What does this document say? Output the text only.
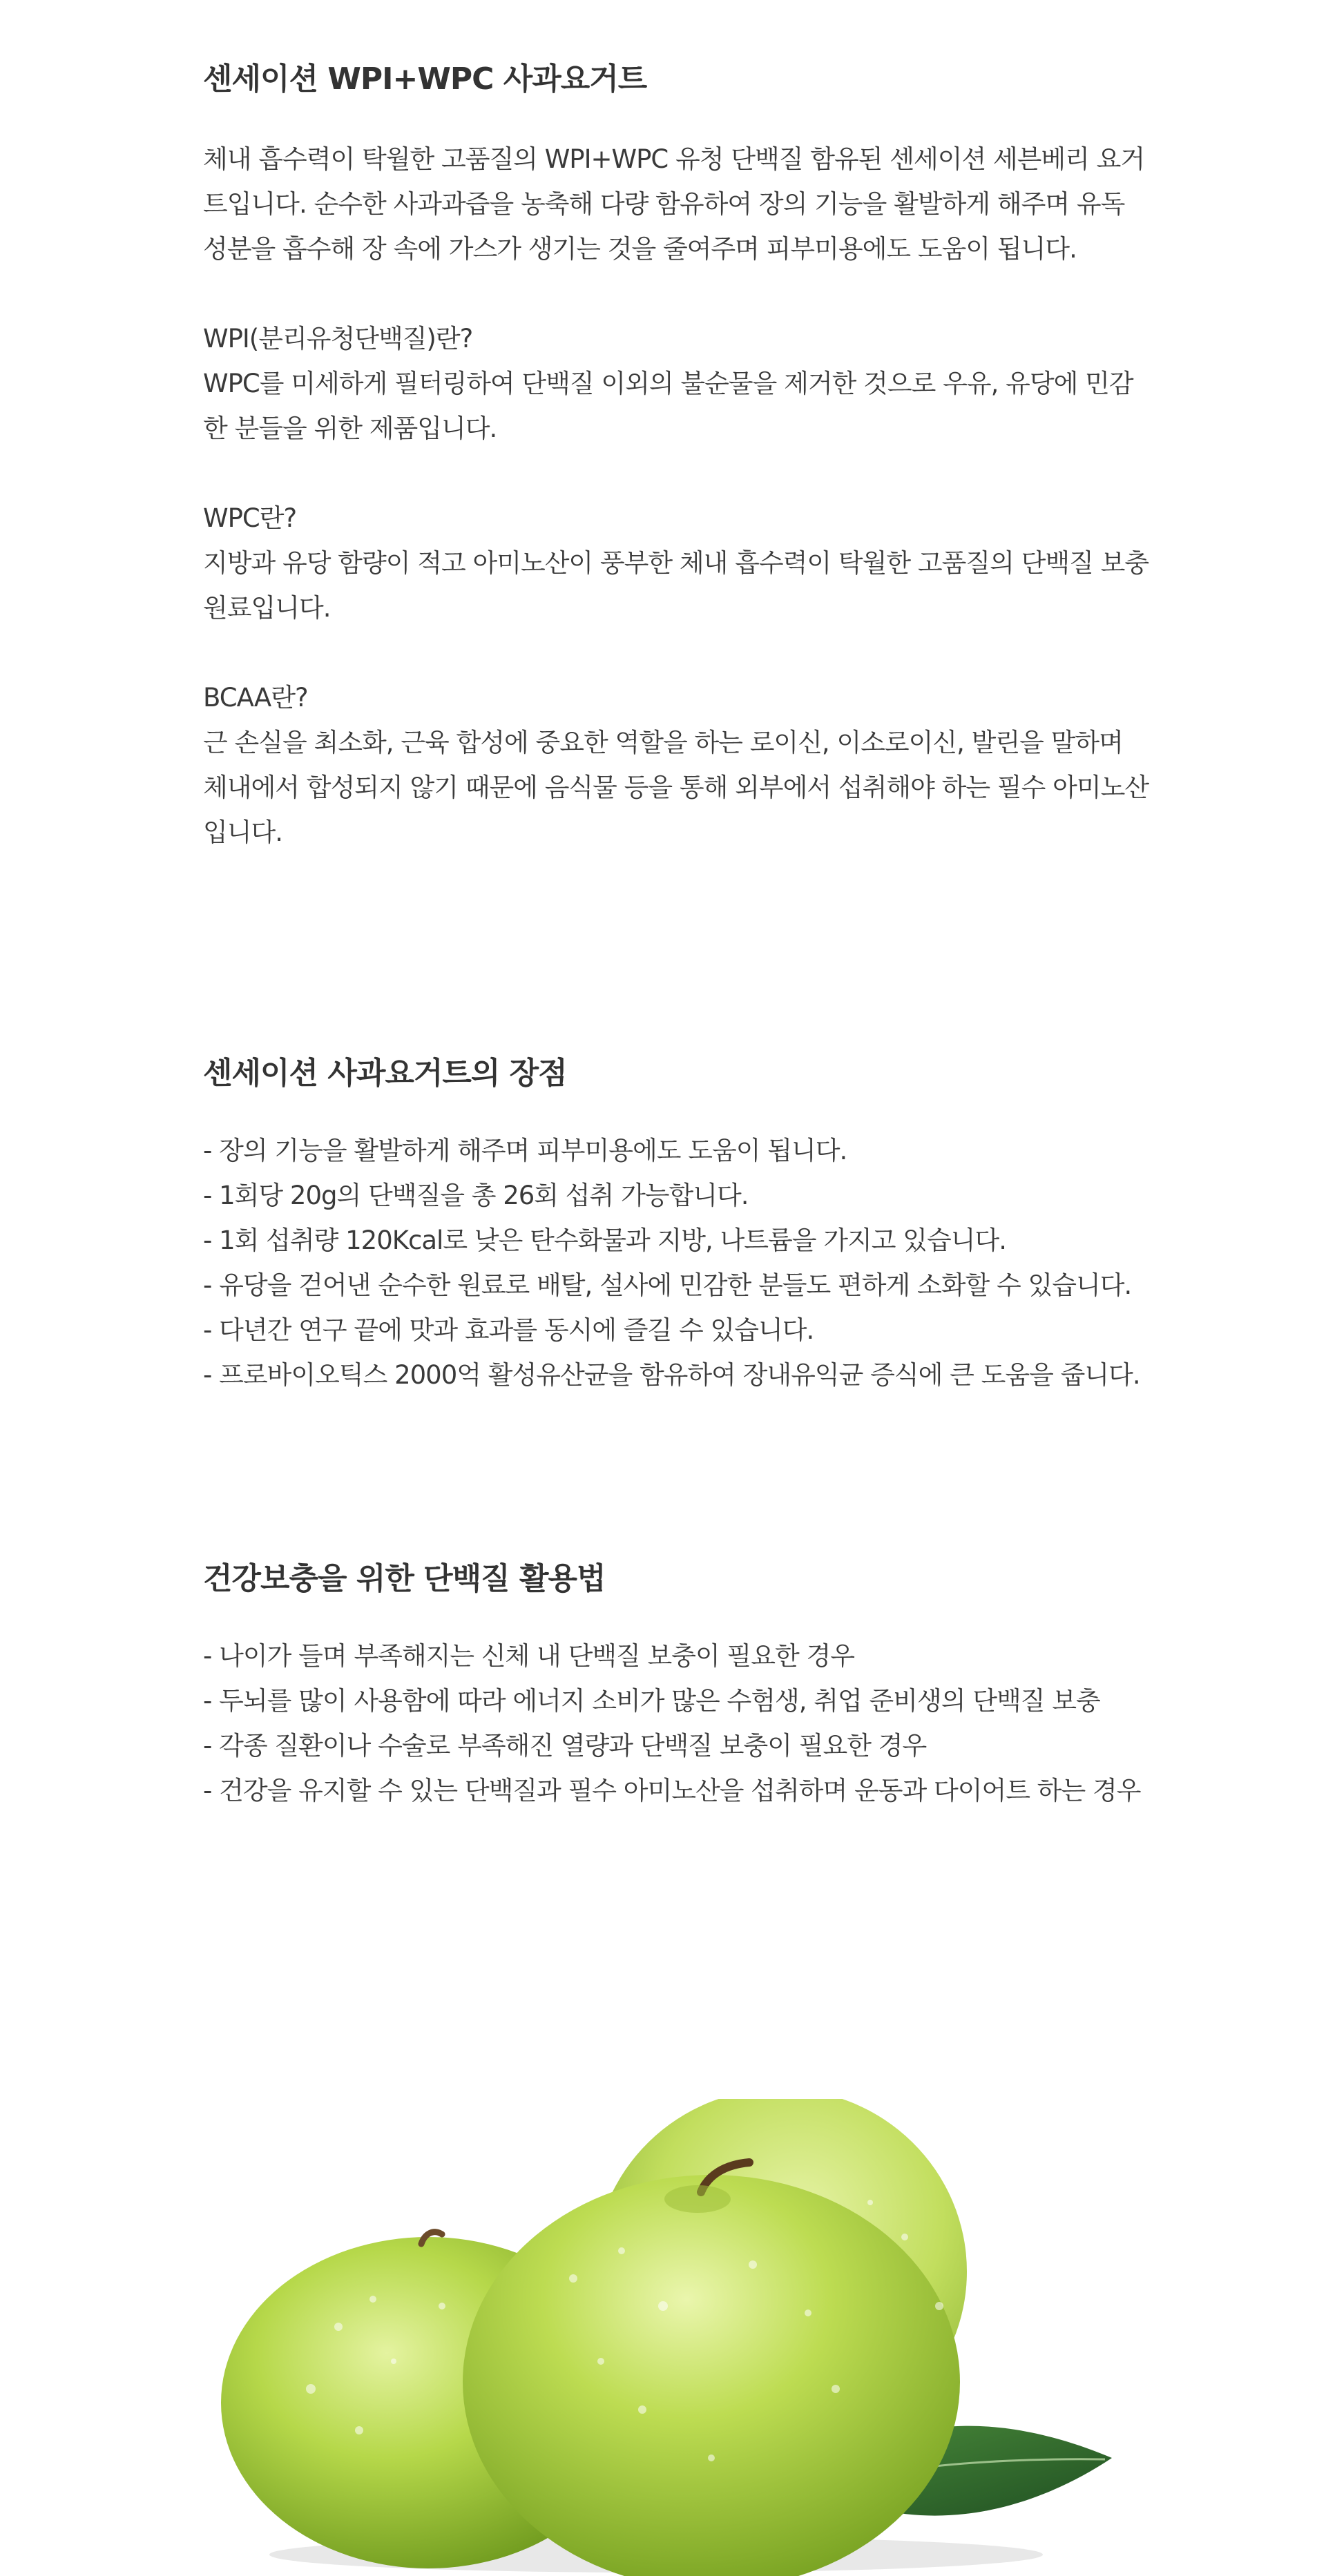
센세이션 WPI+WPC 사과요거트

체내 흡수력이 탁월한 고품질의 WPI+WPC 유청 단백질 함유된 센세이션 세븐베리 요거
트입니다. 순수한 사과과즙을 농축해 다량 함유하여 장의 기능을 활발하게 해주며 유독
성분을 흡수해 장 속에 가스가 생기는 것을 줄여주며 피부미용에도 도움이 됩니다.

WPI(분리유청단백질)란?
WPC를 미세하게 필터링하여 단백질 이외의 불순물을 제거한 것으로 우유, 유당에 민감
한 분들을 위한 제품입니다.

WPC란?
지방과 유당 함량이 적고 아미노산이 풍부한 체내 흡수력이 탁월한 고품질의 단백질 보충
원료입니다.

BCAA란?
근 손실을 최소화, 근육 합성에 중요한 역할을 하는 로이신, 이소로이신, 발린을 말하며
체내에서 합성되지 않기 때문에 음식물 등을 통해 외부에서 섭취해야 하는 필수 아미노산
입니다.

센세이션 사과요거트의 장점
- 장의 기능을 활발하게 해주며 피부미용에도 도움이 됩니다.
- 1회당 20g의 단백질을 총 26회 섭취 가능합니다.
- 1회 섭취량 120Kcal로 낮은 탄수화물과 지방, 나트륨을 가지고 있습니다.
- 유당을 걷어낸 순수한 원료로 배탈, 설사에 민감한 분들도 편하게 소화할 수 있습니다.
- 다년간 연구 끝에 맛과 효과를 동시에 즐길 수 있습니다.
- 프로바이오틱스 2000억 활성유산균을 함유하여 장내유익균 증식에 큰 도움을 줍니다.
건강보충을 위한 단백질 활용법
- 나이가 들며 부족해지는 신체 내 단백질 보충이 필요한 경우
- 두뇌를 많이 사용함에 따라 에너지 소비가 많은 수험생, 취업 준비생의 단백질 보충
- 각종 질환이나 수술로 부족해진 열량과 단백질 보충이 필요한 경우
- 건강을 유지할 수 있는 단백질과 필수 아미노산을 섭취하며 운동과 다이어트 하는 경우
